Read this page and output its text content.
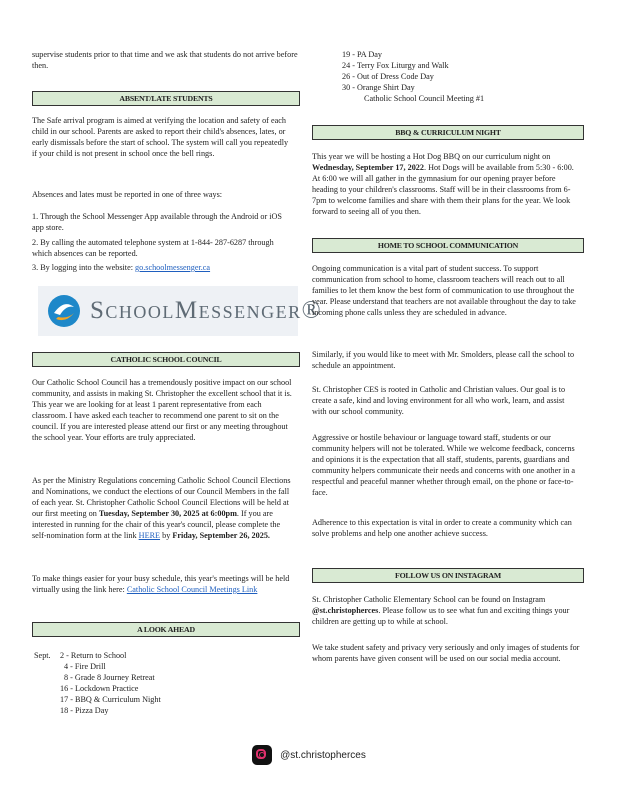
supervise students prior to that time and we ask that students do not arrive before then.

ABSENT/LATE STUDENTS

The Safe arrival program is aimed at verifying the location and safety of each child in our school. Parents are asked to report their child's absences, lates, or early dismissals before the start of school. The system will call you repeatedly if your child is not present in school once the bell rings.

Absences and lates must be reported in one of three ways:

1. Through the School Messenger App available through the Android or iOS app store.

2. By calling the automated telephone system at 1-844- 287-6287 through which absences can be reported.

3. By logging into the website: go.schoolmessenger.ca

SchoolMessenger®
CATHOLIC SCHOOL COUNCIL

Our Catholic School Council has a tremendously positive impact on our school community, and assists in making St. Christopher the excellent school that it is. This year we are looking for at least 1 parent representative from each classroom. I have asked each teacher to recommend one parent to sit on the council. If you are interested please attend our first or any meeting throughout the school year. Your efforts are truly appreciated.

As per the Ministry Regulations concerning Catholic School Council Elections and Nominations, we conduct the elections of our Council Members in the fall of each year. St. Christopher Catholic School Council Elections will be held at our first meeting on Tuesday, September 30, 2025 at 6:00pm. If you are interested in running for the chair of this year's council, please complete the self-nomination form at the link HERE by Friday, September 26, 2025.

To make things easier for your busy schedule, this year's meetings will be held virtually using the link here: Catholic School Council Meetings Link

A LOOK AHEAD
Sept. 2 - Return to School
4 - Fire Drill
8 - Grade 8 Journey Retreat
16 - Lockdown Practice
17 - BBQ & Curriculum Night
18 - Pizza Day
19 - PA Day
24 - Terry Fox Liturgy and Walk
26 - Out of Dress Code Day
30 - Orange Shirt Day
Catholic School Council Meeting #1
BBQ & CURRICULUM NIGHT

This year we will be hosting a Hot Dog BBQ on our curriculum night on Wednesday, September 17, 2022. Hot Dogs will be available from 5:30 - 6:00. At 6:00 we will all gather in the gymnasium for our opening prayer before heading to your children's classrooms. Staff will be in their classrooms from 6-7pm to welcome families and share with them their plans for the year. We look forward to seeing all of you then.

HOME TO SCHOOL COMMUNICATION

Ongoing communication is a vital part of student success. To support communication from school to home, classroom teachers will reach out to all families to let them know the best form of communication to use throughout the year. Please understand that teachers are not available throughout the day to take incoming phone calls unless they are scheduled in advance.

Similarly, if you would like to meet with Mr. Smolders, please call the school to schedule an appointment.

St. Christopher CES is rooted in Catholic and Christian values. Our goal is to create a safe, kind and loving environment for all who work, learn, and assist with our school community.

Aggressive or hostile behaviour or language toward staff, students or our community helpers will not be tolerated. While we welcome feedback, concerns and opinions it is the expectation that all staff, students, parents, guardians and community helpers communicate their needs and concerns with one another in a respectful and peaceful manner whether through email, on the phone or face-to-face.

Adherence to this expectation is vital in order to create a community which can solve problems and help one another achieve success.

FOLLOW US ON INSTAGRAM

St. Christopher Catholic Elementary School can be found on Instagram @st.christopherces. Please follow us to see what fun and exciting things your children are getting up to while at school.

We take student safety and privacy very seriously and only images of students for whom parents have given consent will be used on our social media account.

@st.christopherces
